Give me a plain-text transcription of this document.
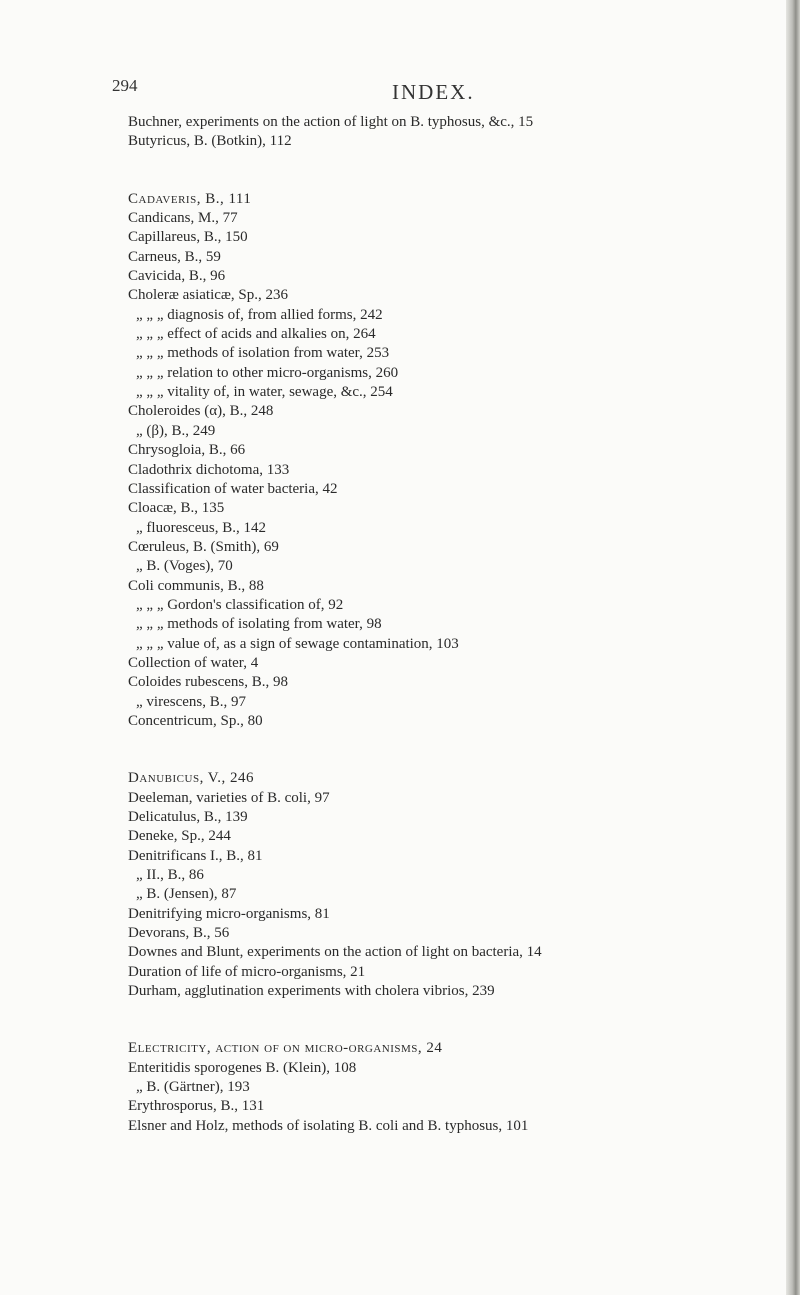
294	INDEX.
Buchner, experiments on the action of light on B. typhosus, &c., 15
Butyricus, B. (Botkin), 112
Cadaveris, B., 111
Candicans, M., 77
Capillareus, B., 150
Carneus, B., 59
Cavicida, B., 96
Choleræ asiaticæ, Sp., 236
„ „ „ diagnosis of, from allied forms, 242
„ „ „ effect of acids and alkalies on, 264
„ „ „ methods of isolation from water, 253
„ „ „ relation to other micro-organisms, 260
„ „ „ vitality of, in water, sewage, &c., 254
Choleroides (α), B., 248
„ (β), B., 249
Chrysogloia, B., 66
Cladothrix dichotoma, 133
Classification of water bacteria, 42
Cloacæ, B., 135
„ fluoresceus, B., 142
Cœruleus, B. (Smith), 69
„ B. (Voges), 70
Coli communis, B., 88
„ „ „ Gordon's classification of, 92
„ „ „ methods of isolating from water, 98
„ „ „ value of, as a sign of sewage contamination, 103
Collection of water, 4
Coloides rubescens, B., 98
„ virescens, B., 97
Concentricum, Sp., 80
Danubicus, V., 246
Deeleman, varieties of B. coli, 97
Delicatulus, B., 139
Deneke, Sp., 244
Denitrificans I., B., 81
„ II., B., 86
„ B. (Jensen), 87
Denitrifying micro-organisms, 81
Devorans, B., 56
Downes and Blunt, experiments on the action of light on bacteria, 14
Duration of life of micro-organisms, 21
Durham, agglutination experiments with cholera vibrios, 239
Electricity, action of on micro-organisms, 24
Enteritidis sporogenes B. (Klein), 108
„ B. (Gärtner), 193
Erythrosporus, B., 131
Elsner and Holz, methods of isolating B. coli and B. typhosus, 101
